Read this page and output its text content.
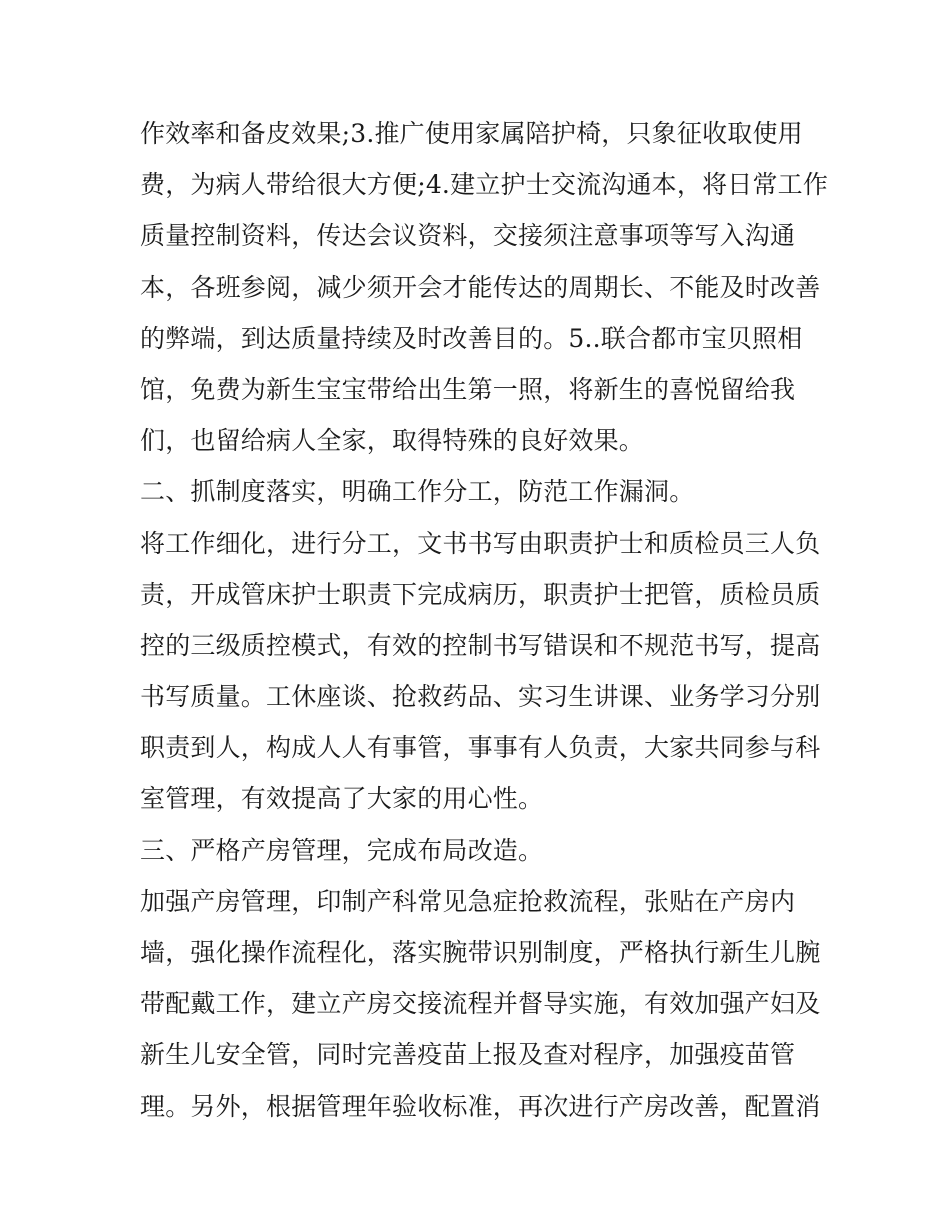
作效率和备皮效果;3.推广使用家属陪护椅，只象征收取使用
费，为病人带给很大方便;4.建立护士交流沟通本，将日常工作
质量控制资料，传达会议资料，交接须注意事项等写入沟通
本，各班参阅，减少须开会才能传达的周期长、不能及时改善
的弊端，到达质量持续及时改善目的。5..联合都市宝贝照相
馆，免费为新生宝宝带给出生第一照，将新生的喜悦留给我
们，也留给病人全家，取得特殊的良好效果。
二、抓制度落实，明确工作分工，防范工作漏洞。
将工作细化，进行分工，文书书写由职责护士和质检员三人负
责，开成管床护士职责下完成病历，职责护士把管，质检员质
控的三级质控模式，有效的控制书写错误和不规范书写，提高
书写质量。工休座谈、抢救药品、实习生讲课、业务学习分别
职责到人，构成人人有事管，事事有人负责，大家共同参与科
室管理，有效提高了大家的用心性。
三、严格产房管理，完成布局改造。
加强产房管理，印制产科常见急症抢救流程，张贴在产房内
墙，强化操作流程化，落实腕带识别制度，严格执行新生儿腕
带配戴工作，建立产房交接流程并督导实施，有效加强产妇及
新生儿安全管，同时完善疫苗上报及查对程序，加强疫苗管
理。另外，根据管理年验收标准，再次进行产房改善，配置消
